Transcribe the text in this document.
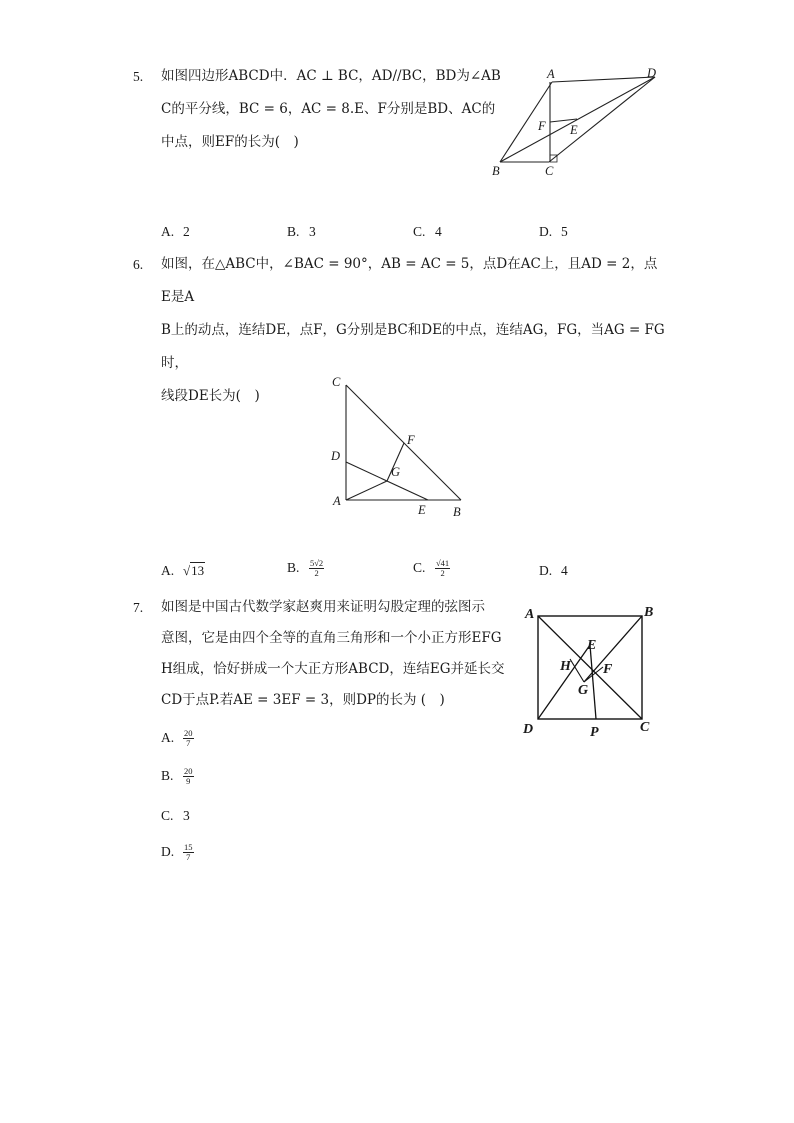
5. 如图四边形ABCD中．AC ⊥ BC，AD//BC，BD为∠AB
C的平分线，BC = 6，AC = 8.E、F分别是BD、AC的
中点，则EF的长为(　)
A	D
F E
B	C
A. 2	B. 3	C. 4	D. 5
6. 如图，在△ABC中，∠BAC = 90°，AB = AC = 5，点D在AC上，且AD = 2，点E是A
B上的动点，连结DE，点F，G分别是BC和DE的中点，连结AG，FG，当AG = FG时，
线段DE长为(　)
C
F
D
G
A
E B
A. √13	B. $\frac{5√2}{2}$	C. $\frac{√41}{2}$	D. 4
7. 如图是中国古代数学家赵爽用来证明勾股定理的弦图示
意图，它是由四个全等的直角三角形和一个小正方形EFG
H组成，恰好拼成一个大正方形ABCD，连结EG并延长交
CD于点P.若AE = 3EF = 3，则DP的长为 (　)
A	B
E
H F
G
D	P	C
A. $\frac{20}{7}$
B. $\frac{20}{9}$
C. 3
D. $\frac{15}{7}$
